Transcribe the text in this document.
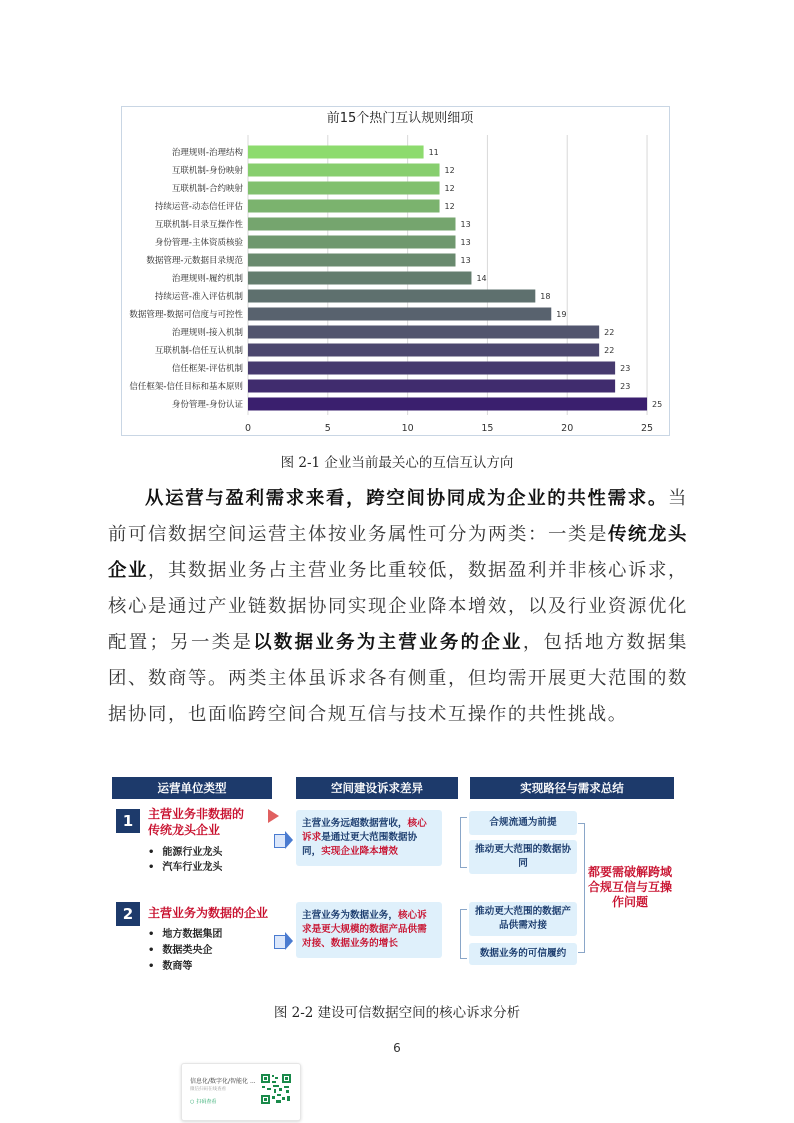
前15个热门互认规则细项
治理规则-治理结构
互联机制-身份映射
互联机制-合约映射
持续运营-动态信任评估
互联机制-目录互操作性
身份管理-主体资质核验
数据管理-元数据目录规范
治理规则-履约机制
持续运营-准入评估机制
数据管理-数据可信度与可控性
治理规则-接入机制
互联机制-信任互认机制
信任框架-评估机制
信任框架-信任目标和基本原则
身份管理-身份认证
11
12
12
12
13
13
13
14
18
19
22
22
23
23
25
0	5	10	15	20	25
图 2-1 企业当前最关心的互信互认方向
从运营与盈利需求来看，跨空间协同成为企业的共性需求。当前可信数据空间运营主体按业务属性可分为两类：一类是传统龙头企业，其数据业务占主营业务比重较低，数据盈利并非核心诉求，核心是通过产业链数据协同实现企业降本增效，以及行业资源优化配置；另一类是以数据业务为主营业务的企业，包括地方数据集团、数商等。两类主体虽诉求各有侧重，但均需开展更大范围的数据协同，也面临跨空间合规互信与技术互操作的共性挑战。
运营单位类型	空间建设诉求差异	实现路径与需求总结
1	主营业务非数据的
传统龙头企业
• 能源行业龙头
• 汽车行业龙头
主营业务远超数据营收，核心诉求是通过更大范围数据协同，实现企业降本增效
合规流通为前提
推动更大范围的数据协同
2	主营业务为数据的企业
• 地方数据集团
• 数据类央企
• 数商等
主营业务为数据业务，核心诉求是更大规模的数据产品供需对接、数据业务的增长
推动更大范围的数据产品供需对接
数据业务的可信履约
都要需破解跨域合规互信与互操作问题
图 2-2 建设可信数据空间的核心诉求分析
6
信息化/数字化/智能化 ...
微信扫码在线查看
○ 扫码查看
